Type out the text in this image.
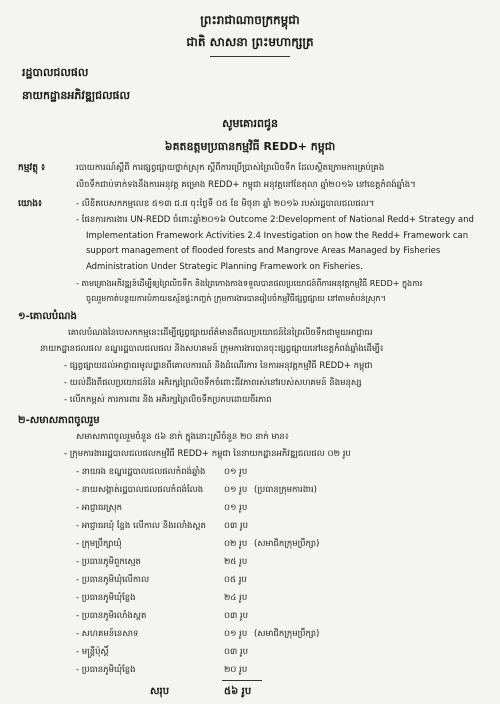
ព្រះរាជាណាចក្រកម្ពុជា
ជាតិ សាសនា ព្រះមហាក្សត្រ
រដ្ឋបាលជលផល
នាយកដ្ឋានអភិវឌ្ឍជលផល
សូមគោរពជូន
៦គតឧត្តមប្រធានកម្មវិធី REDD+ កម្ពុជា
កម្មវត្ថុ ៖	របាយការណ៍ស្តីពី ការផ្សព្វផ្សាយថ្នាក់ស្រុក ស្តីពីការប្រើប្រាស់ព្រៃលិចទឹក ដែលស្ថិតក្រោមការគ្រប់គ្រង
លិចទឹកជាប់ទាក់ទងនឹងការអនុវត្ត គម្រោង REDD+ កម្ពុជា អនុវត្តនៅខែតុលា ឆ្នាំ២០១៦ នៅខេត្តកំពង់ឆ្នាំង។
យោង៖	- លិខិតបេសកកម្មលេខ ៥១៣ ជ.ផ ចុះថ្ងៃទី ០៥ ខែ មិថុនា ឆ្នាំ ២០១៦ របស់រដ្ឋបាលជលផល។
- ផែនការការងារ UN-REDD ចំពោះឆ្នាំ២០១៦ Outcome 2:Development of National Redd+ Strategy and
Implementation Framework Activities 2.4 Investigation on how the Redd+ Framework can
support management of flooded forests and Mangrove Areas Managed by Fisheries
Administration Under Strategic Planning Framework on Fisheries.
- តាមគ្រោងអភិវឌ្ឍន៍ដើម្បីឲ្យព្រៃលិចទឹក និងព្រៃកោងកាងទទួលបានផលប្រយោជន៍ពីការអនុវត្តកម្មវិធី REDD+ ក្នុងការ
ចូលរួមកាត់បន្ថយការបំភាយឧស្ម័នផ្ទះកញ្ចក់ ក្រុមការងារបានរៀបចំកម្មវិធីផ្សព្វផ្សាយ នៅតាមតំបន់ស្រុក។
១-គោលបំណង
គោលបំណងនៃបេសកកម្មនេះដើម្បីផ្សព្វផ្សាយព័ត៌មានពីផលប្រយោជន៍នៃព្រៃលិចទឹកជាមួយអាជ្ញាធរ
នាយកដ្ឋានជលផល ខណ្ឌរដ្ឋបាលជលផល និងសហគមន៍ ក្រុមការងារបានចុះផ្សព្វផ្សាយនៅខេត្តកំពង់ឆ្នាំងដើម្បី៖
- ផ្សព្វផ្សាយដល់អាជ្ញាធរមូលដ្ឋានពីគោលការណ៍ និងដំណើរការ នៃការអនុវត្តកម្មវិធី REDD+ កម្ពុជា
- យល់ដឹងពីផលប្រយោជន៍នៃ អភិរក្សព្រៃលិចទឹកចំពោះជីវភាពរស់នៅរបស់សហគមន៍ និងមនុស្ស
- លើកកម្ពស់ ការការពារ និង អភិរក្សព្រៃលិចទឹកប្រកបដោយចីរភាព
២-សមាសភាពចូលរួម
សមាសភាពចូលរួមចំនួន ៥៦ នាក់ ក្នុងនោះស្រីចំនួន ២០ នាក់ មាន៖
- ក្រុមការងាររដ្ឋបាលជលផលកម្មវិធី REDD+ កម្ពុជា នៃនាយកដ្ឋានអភិវឌ្ឍជលផល ០២ រូប
- នាយរង ខណ្ឌរដ្ឋបាលជលផលកំពង់ឆ្នាំង ០១ រូប
- នាយសង្កាត់រដ្ឋបាលជលផលកំពង់លែង ០១ រូប (ប្រធានក្រុមការងារ)
- អាជ្ញាធរស្រុក	០១ រូប
- អាជ្ញាធរឃុំ ខ្លែង លើកាល និងរលាំងស្ពត ០៣ រូប
- ក្រុមប្រឹក្សាឃុំ	០២ រូប (សមាជិកក្រុមប្រឹក្សា)
- ប្រធានភូមិពួកស្មេត	២៥ រូប
- ប្រធានភូមិឃុំលើកាល	០៥ រូប
- ប្រធានភូមិឃុំខ្លែង	២៤ រូប
- ប្រធានភូមិរលាំងស្ពត	០៣ រូប
- សហគមន៍នេសាទ	០១ រូប (សមាជិកក្រុមប្រឹក្សា)
- មន្ត្រីប៉ុស្តិ៍	០៣ រូប
- ប្រធានភូមិឃុំខ្លែង	២០ រូប
សរុប	៥៦ រូប
